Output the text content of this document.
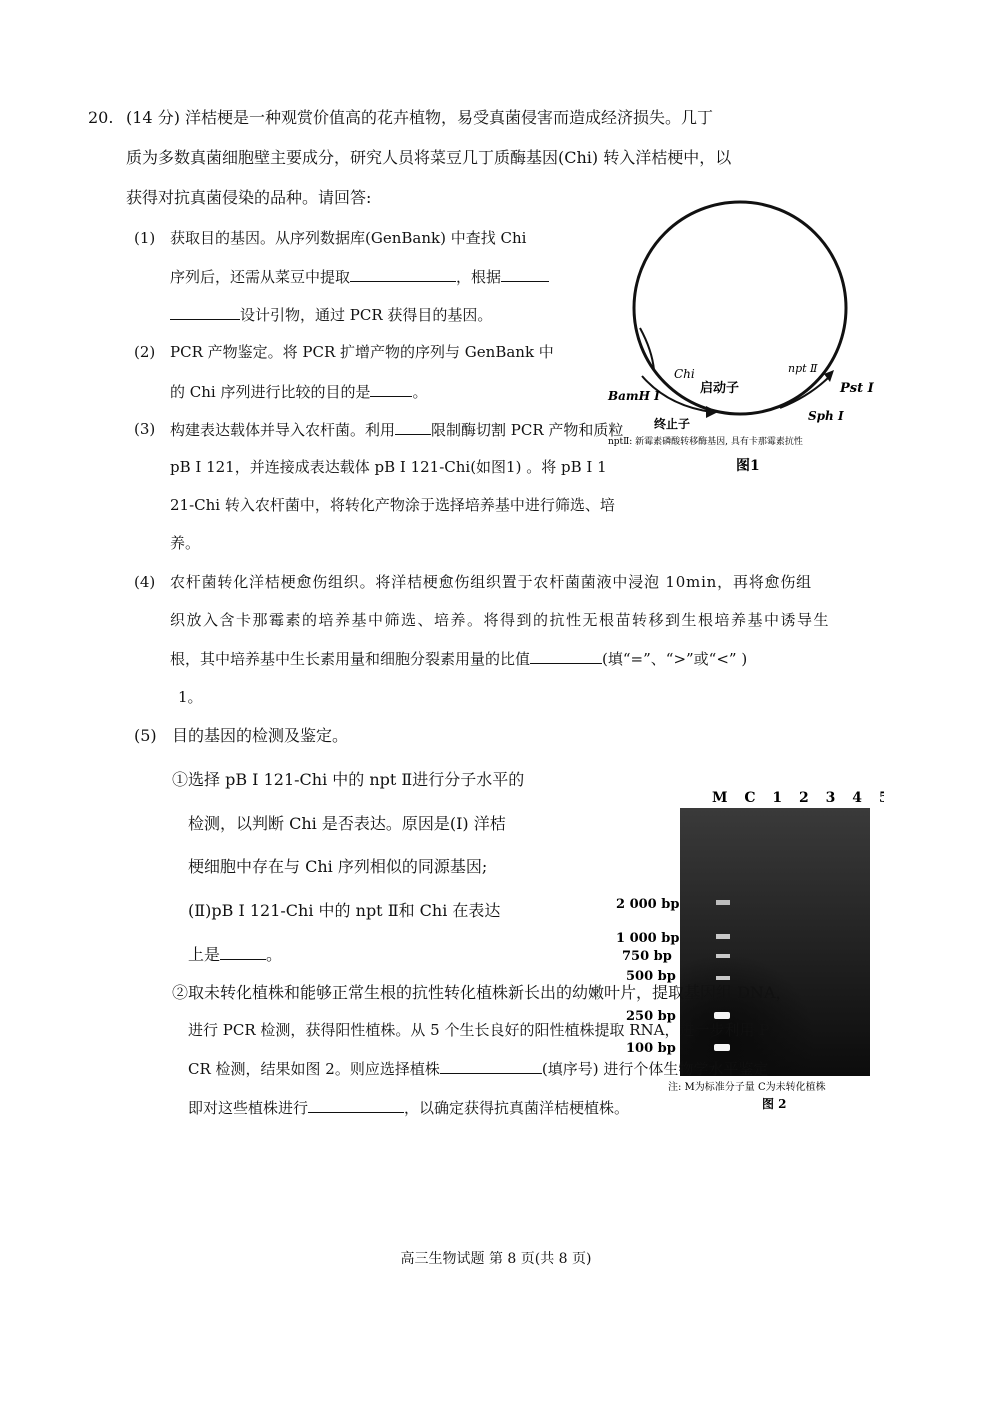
20. (14 分) 洋桔梗是一种观赏价值高的花卉植物，易受真菌侵害而造成经济损失。几丁
质为多数真菌细胞壁主要成分，研究人员将菜豆几丁质酶基因(Chi) 转入洋桔梗中，以
获得对抗真菌侵染的品种。请回答:
(1) 获取目的基因。从序列数据库(GenBank) 中查找 Chi
序列后，还需从菜豆中提取	，根据
设计引物，通过 PCR 获得目的基因。
(2) PCR 产物鉴定。将 PCR 扩增产物的序列与 GenBank 中
的 Chi 序列进行比较的目的是	。
(3) 构建表达载体并导入农杆菌。利用 限制酶切割 PCR 产物和质粒
pB I 121，并连接成表达载体 pB I 121-Chi(如图1) 。将 pB I 1
21-Chi 转入农杆菌中，将转化产物涂于选择培养基中进行筛选、培
养。
(4) 农杆菌转化洋桔梗愈伤组织。将洋桔梗愈伤组织置于农杆菌菌液中浸泡 10min，再将愈伤组
织放入含卡那霉素的培养基中筛选、培养。将得到的抗性无根苗转移到生根培养基中诱导生
根，其中培养基中生长素用量和细胞分裂素用量的比值	(填“=”、“>”或“<” )
1。
(5) 目的基因的检测及鉴定。
①选择 pB I 121-Chi 中的 npt Ⅱ进行分子水平的
检测，以判断 Chi 是否表达。原因是(Ⅰ) 洋桔
梗细胞中存在与 Chi 序列相似的同源基因;
(Ⅱ)pB Ⅰ 121-Chi 中的 npt Ⅱ和 Chi 在表达
上是	。
M C 1 2 3 4 5
2 000 bp
1 000 bp
750 bp
500 bp
250 bp
100 bp
注: M为标准分子量 C为未转化植株
图 2
②取未转化植株和能够正常生根的抗性转化植株新长出的幼嫩叶片，提取基因组 DNA，
进行 PCR 检测，获得阳性植株。从 5 个生长良好的阳性植株提取 RNA，进一步利用 P
CR 检测，结果如图 2。则应选择植株	(填序号) 进行个体生物学水平鉴定
即对这些植株进行	，以确定获得抗真菌洋桔梗植株。
Chi
启动子
npt Ⅱ
BamH Ⅰ	Pst Ⅰ
Sph Ⅰ
终止子
nptⅡ: 新霉素磷酸转移酶基因, 具有卡那霉素抗性
图1
高三生物试题 第 8 页(共 8 页)
